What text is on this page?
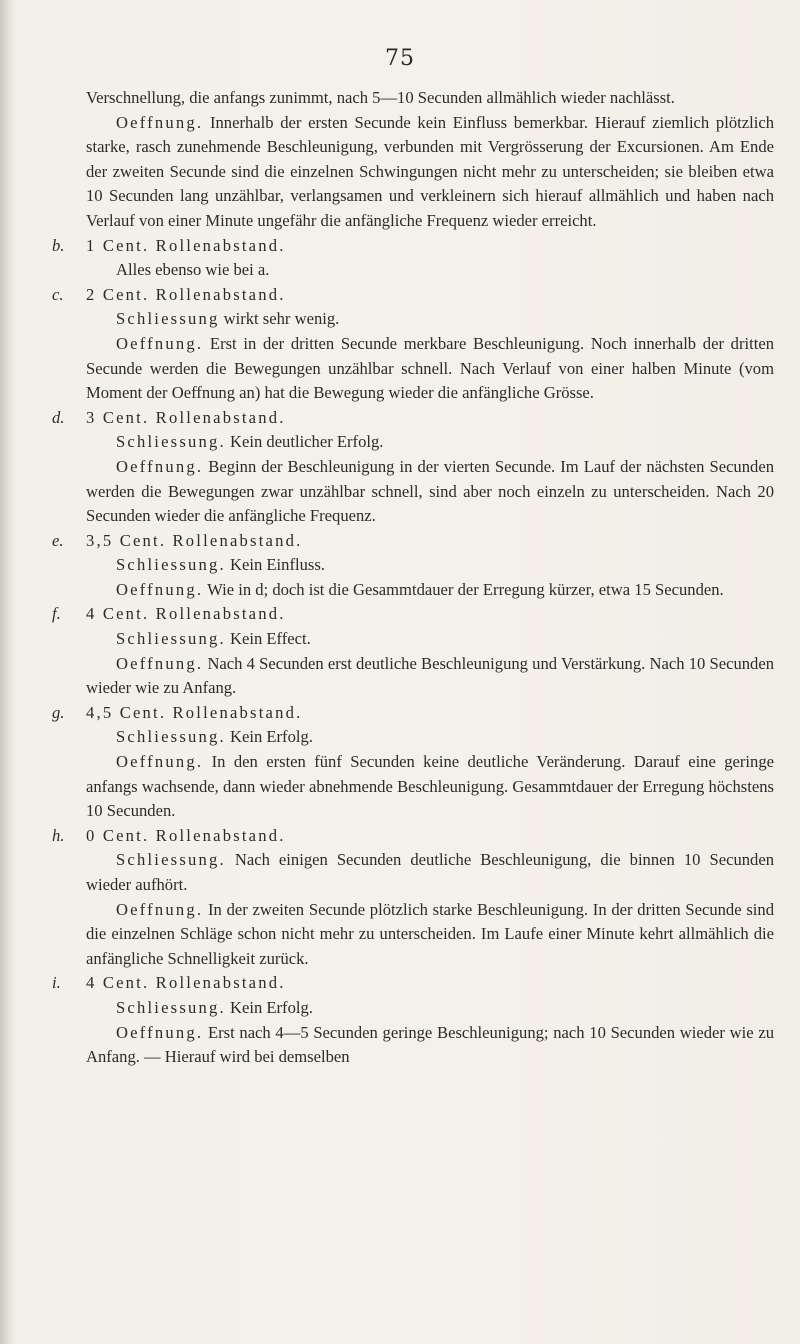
75

Verschnellung, die anfangs zunimmt, nach 5—10 Secunden allmählich wieder nachlässt.

Oeffnung. Innerhalb der ersten Secunde kein Einfluss bemerkbar. Hierauf ziemlich plötzlich starke, rasch zunehmende Beschleunigung, verbunden mit Vergrösserung der Excursionen. Am Ende der zweiten Secunde sind die einzelnen Schwingungen nicht mehr zu unterscheiden; sie bleiben etwa 10 Secunden lang unzählbar, verlangsamen und verkleinern sich hierauf allmählich und haben nach Verlauf von einer Minute ungefähr die anfängliche Frequenz wieder erreicht.

b.	1 Cent. Rollenabstand.

Alles ebenso wie bei a.

c.	2 Cent. Rollenabstand.

Schliessung wirkt sehr wenig.

Oeffnung. Erst in der dritten Secunde merkbare Beschleunigung. Noch innerhalb der dritten Secunde werden die Bewegungen unzählbar schnell. Nach Verlauf von einer halben Minute (vom Moment der Oeffnung an) hat die Bewegung wieder die anfängliche Grösse.

d.	3 Cent. Rollenabstand.

Schliessung. Kein deutlicher Erfolg.

Oeffnung. Beginn der Beschleunigung in der vierten Secunde. Im Lauf der nächsten Secunden werden die Bewegungen zwar unzählbar schnell, sind aber noch einzeln zu unterscheiden. Nach 20 Secunden wieder die anfängliche Frequenz.

e.	3,5 Cent. Rollenabstand.

Schliessung. Kein Einfluss.

Oeffnung. Wie in d; doch ist die Gesammtdauer der Erregung kürzer, etwa 15 Secunden.

f.	4 Cent. Rollenabstand.

Schliessung. Kein Effect.

Oeffnung. Nach 4 Secunden erst deutliche Beschleunigung und Verstärkung. Nach 10 Secunden wieder wie zu Anfang.

g.	4,5 Cent. Rollenabstand.

Schliessung. Kein Erfolg.

Oeffnung. In den ersten fünf Secunden keine deutliche Veränderung. Darauf eine geringe anfangs wachsende, dann wieder abnehmende Beschleunigung. Gesammtdauer der Erregung höchstens 10 Secunden.

h.	0 Cent. Rollenabstand.

Schliessung. Nach einigen Secunden deutliche Beschleunigung, die binnen 10 Secunden wieder aufhört.

Oeffnung. In der zweiten Secunde plötzlich starke Beschleunigung. In der dritten Secunde sind die einzelnen Schläge schon nicht mehr zu unterscheiden. Im Laufe einer Minute kehrt allmählich die anfängliche Schnelligkeit zurück.

i.	4 Cent. Rollenabstand.

Schliessung. Kein Erfolg.

Oeffnung. Erst nach 4—5 Secunden geringe Beschleunigung; nach 10 Secunden wieder wie zu Anfang. — Hierauf wird bei demselben
